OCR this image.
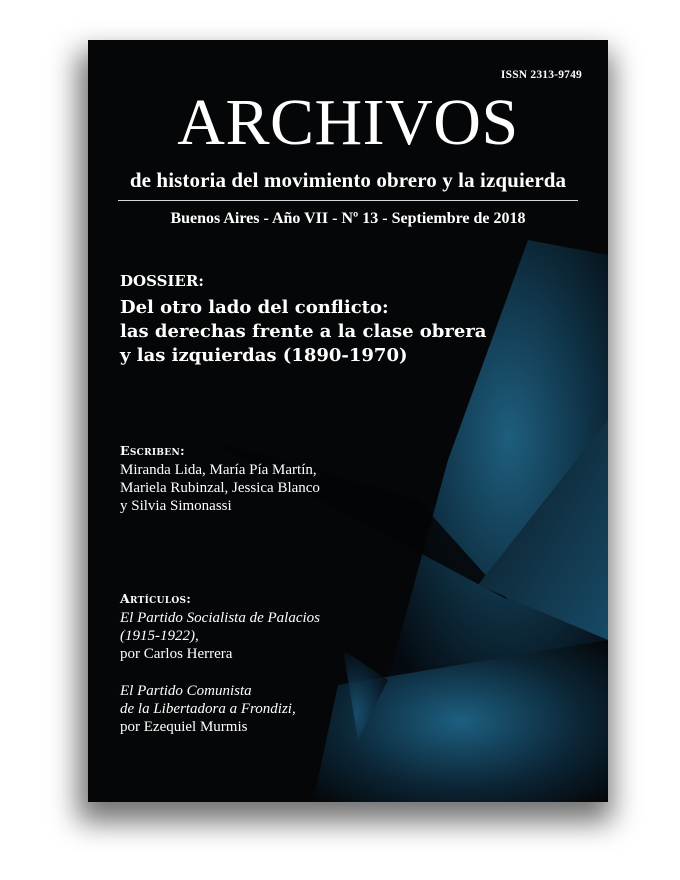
ISSN 2313-9749
ARCHIVOS
de historia del movimiento obrero y la izquierda
Buenos Aires - Año VII - Nº 13 - Septiembre de 2018
DOSSIER:
Del otro lado del conflicto:
las derechas frente a la clase obrera
y las izquierdas (1890-1970)
Escriben:
Miranda Lida, María Pía Martín,
Mariela Rubinzal, Jessica Blanco
y Silvia Simonassi
Artículos:
El Partido Socialista de Palacios
(1915-1922),
por Carlos Herrera
El Partido Comunista
de la Libertadora a Frondizi,
por Ezequiel Murmis
